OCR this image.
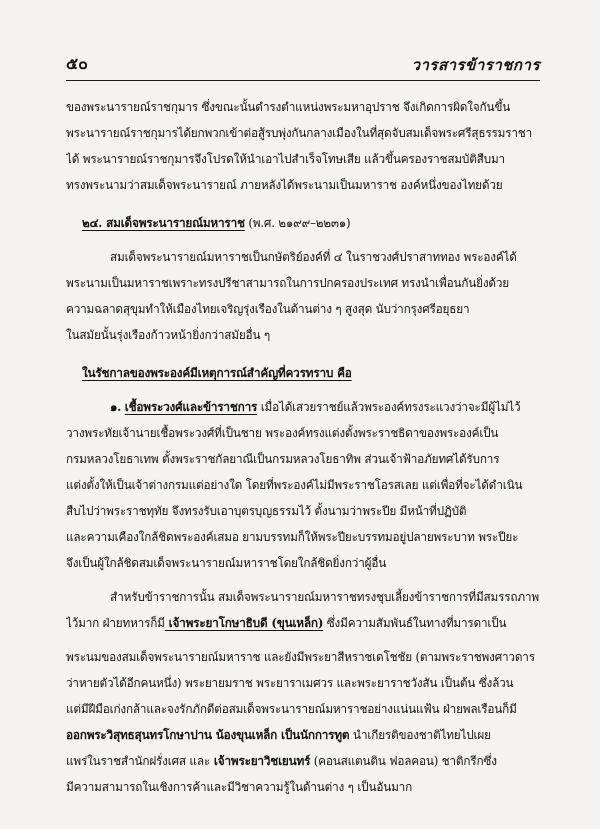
๕๐	วารสารข้าราชการ
ของพระนารายณ์ราชกุมาร ซึ่งขณะนั้นดำรงตำแหน่งพระมหาอุปราช จึงเกิดการผิดใจกันขึ้น
พระนารายณ์ราชกุมารได้ยกพวกเข้าต่อสู้รบพุ่งกันกลางเมืองในที่สุดจับสมเด็จพระศรีสุธรรมราชา
ได้ พระนารายณ์ราชกุมารจึงโปรดให้นำเอาไปสำเร็จโทษเสีย แล้วขึ้นครองราชสมบัติสืบมา
ทรงพระนามว่าสมเด็จพระนารายณ์ ภายหลังได้พระนามเป็นมหาราช องค์หนึ่งของไทยด้วย
๒๔. สมเด็จพระนารายณ์มหาราช (พ.ศ. ๒๑๙๙–๒๒๓๑)
สมเด็จพระนารายณ์มหาราชเป็นกษัตริย์องค์ที่ ๔ ในราชวงศ์ปราสาททอง พระองค์ได้
พระนามเป็นมหาราชเพราะทรงปรีชาสามารถในการปกครองประเทศ ทรงนำเพื่อนกันยิ่งด้วย
ความฉลาดสุขุมทำให้เมืองไทยเจริญรุ่งเรืองในด้านต่าง ๆ สูงสุด นับว่ากรุงศรีอยุธยา
ในสมัยนั้นรุ่งเรืองก้าวหน้ายิ่งกว่าสมัยอื่น ๆ
ในรัชกาลของพระองค์มีเหตุการณ์สำคัญที่ควรทราบ คือ
๑. เชื้อพระวงศ์และข้าราชการ เมื่อได้เสวยราชย์แล้วพระองค์ทรงระแวงว่าจะมีผู้ไม่ไว้
วางพระทัยเจ้านายเชื้อพระวงศ์ที่เป็นชาย พระองค์ทรงแต่งตั้งพระราชธิดาของพระองค์เป็น
กรมหลวงโยธาเทพ ตั้งพระราชกัลยาณีเป็นกรมหลวงโยธาทิพ ส่วนเจ้าฟ้าอภัยทศได้รับการ
แต่งตั้งให้เป็นเจ้าต่างกรมแต่อย่างใด โดยที่พระองค์ไม่มีพระราชโอรสเลย แต่เพื่อที่จะได้ดำเนิน
สืบไปว่าพระราชทุทัย จึงทรงรับเอาบุตรบุญธรรมไว้ ตั้งนามว่าพระปีย มีหน้าที่ปฏิบัติ
และความเคืองใกล้ชิดพระองค์เสมอ ยามบรรทมก็ให้พระปียะบรรทมอยู่ปลายพระบาท พระปียะ
จึงเป็นผู้ใกล้ชิดสมเด็จพระนารายณ์มหาราชโดยใกล้ชิดยิ่งกว่าผู้อื่น
สำหรับข้าราชการนั้น สมเด็จพระนารายณ์มหาราชทรงชุบเลี้ยงข้าราชการที่มีสมรรถภาพ
ไว้มาก ฝ่ายทหารก็มี เจ้าพระยาโกษาธิบดี (ขุนเหล็ก) ซึ่งมีความสัมพันธ์ในทางที่มารดาเป็น
พระนมของสมเด็จพระนารายณ์มหาราช และยังมีพระยาสีหราชเดโชชัย (ตามพระราชพงศาวดาร
ว่าหายตัวได้อีกคนหนึ่ง) พระยายมราช พระยาราเมศวร และพระยาราชวังสัน เป็นต้น ซึ่งล้วน
แต่มีฝีมือเก่งกล้าและจงรักภักดีต่อสมเด็จพระนารายณ์มหาราชอย่างแน่นแฟ้น ฝ่ายพลเรือนก็มี
ออกพระวิสุทธสุนทรโกษาปาน น้องขุนเหล็ก เป็นนักการทูต นำเกียรติของชาติไทยไปเผย
แพร่ในราชสำนักฝรั่งเศส และ เจ้าพระยาวิชเยนทร์ (คอนสแตนติน ฟอลคอน) ชาติกรีกซึ่ง
มีความสามารถในเชิงการค้าและมีวิชาความรู้ในด้านต่าง ๆ เป็นอันมาก
